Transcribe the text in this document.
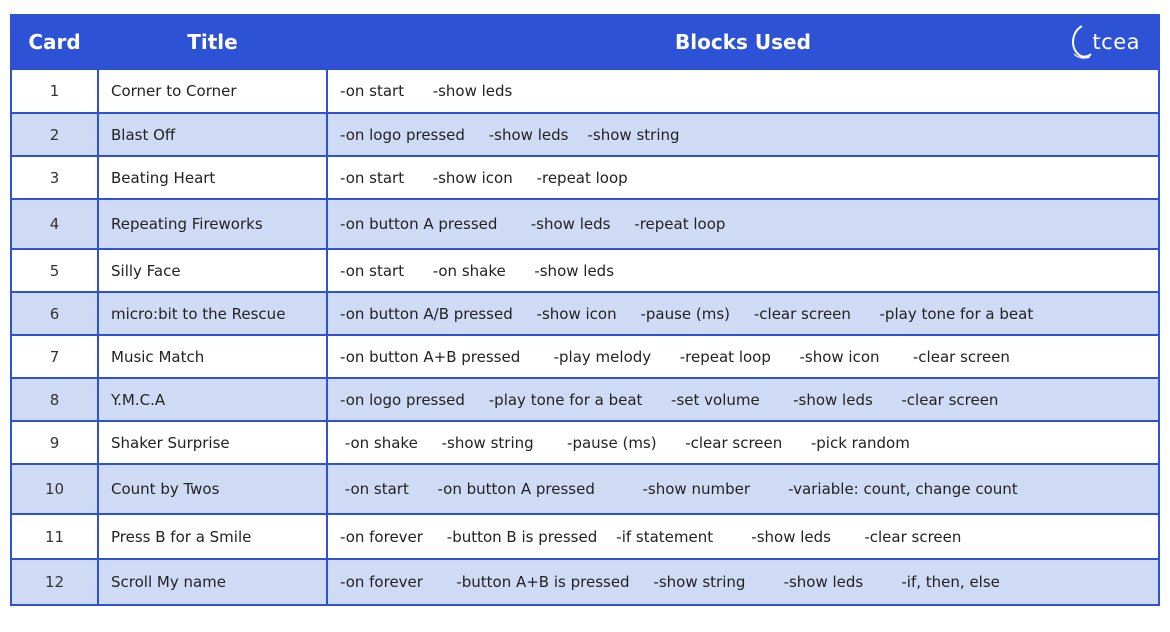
Card	Title	Blocks Used	tcea
1	Corner to Corner	-on start      -show leds
2	Blast Off	-on logo pressed     -show leds    -show string
3	Beating Heart	-on start      -show icon     -repeat loop
4	Repeating Fireworks	-on button A pressed       -show leds     -repeat loop
5	Silly Face	-on start      -on shake      -show leds
6	micro:bit to the Rescue	-on button A/B pressed     -show icon     -pause (ms)     -clear screen      -play tone for a beat
7	Music Match	-on button A+B pressed       -play melody      -repeat loop      -show icon       -clear screen
8	Y.M.C.A	-on logo pressed     -play tone for a beat      -set volume       -show leds      -clear screen
9	Shaker Surprise	-on shake     -show string       -pause (ms)      -clear screen      -pick random
10	Count by Twos	-on start      -on button A pressed          -show number        -variable: count, change count
11	Press B for a Smile	-on forever     -button B is pressed    -if statement        -show leds       -clear screen
12	Scroll My name	-on forever       -button A+B is pressed     -show string        -show leds        -if, then, else
